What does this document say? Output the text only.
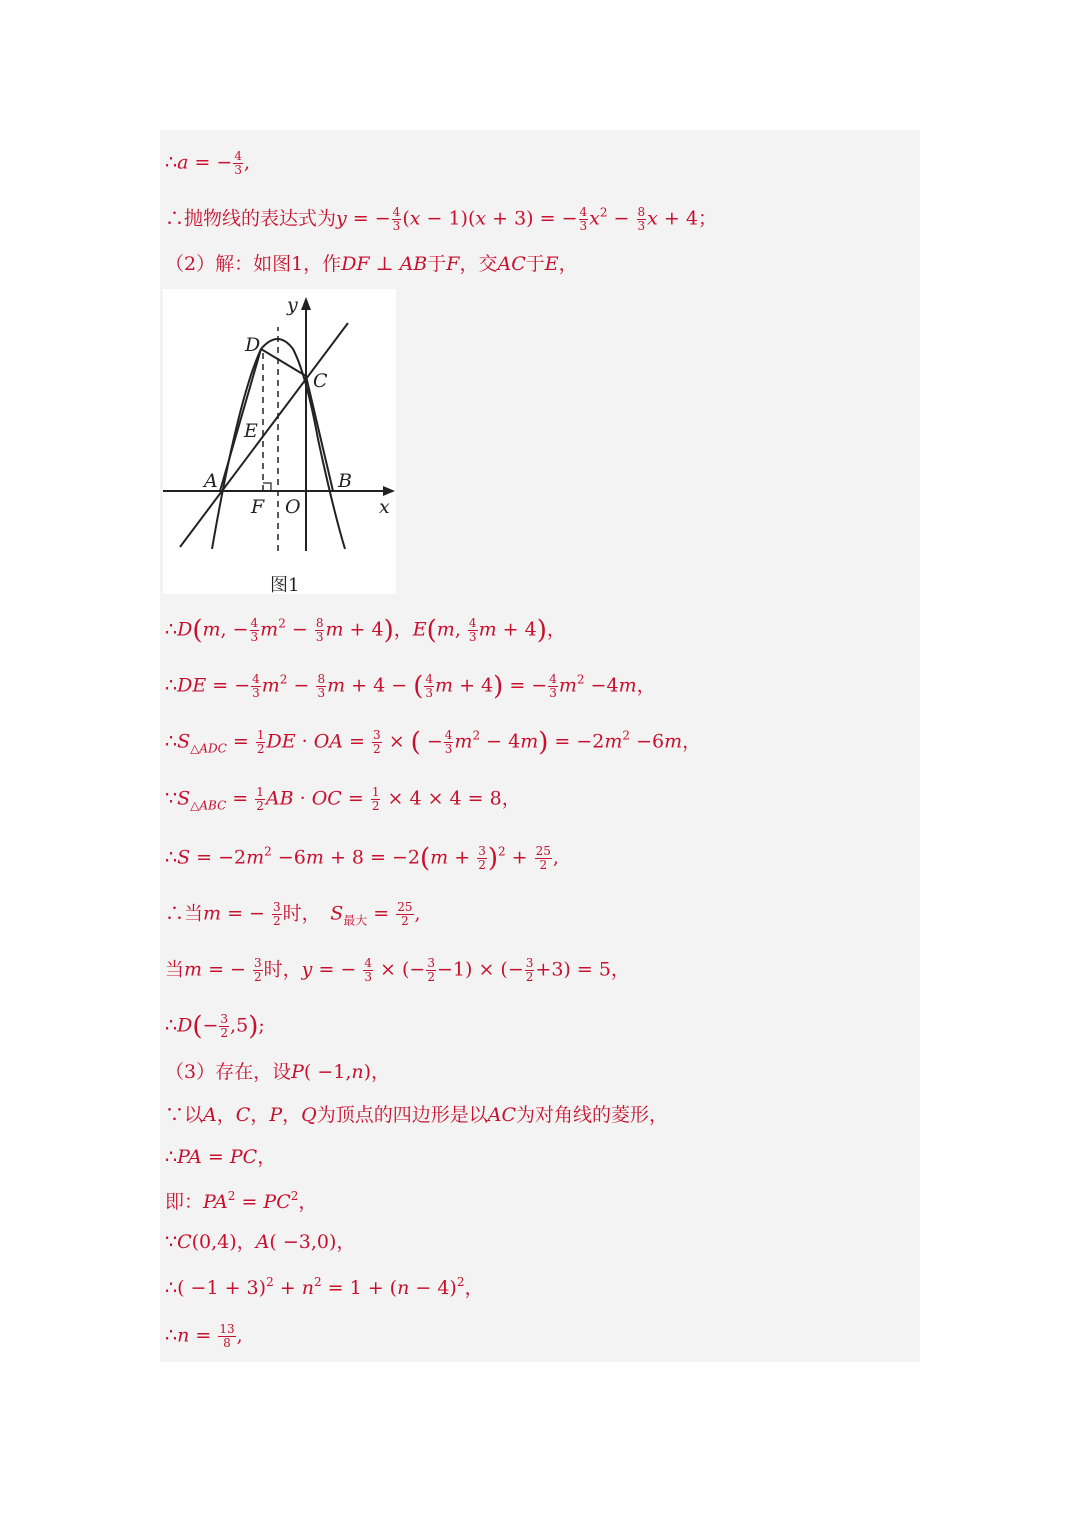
∴a = − $\frac{4}{3}$ ,
∴抛物线的表达式为y = − $\frac{4}{3} (x - 1)(x + 3)$ = − $\frac{4}{3} x^2 - \frac{8}{3}$ x + 4；
（2）解：如图1，作DF ⊥ AB于F，交AC于E，
y
x
D
C
E
A	B
F O
图1
∴D(m, − $\frac{4}{3} m^2 - \frac{8}{3}$ m + 4)，E(m, $\frac{4}{3}$ m + 4)，
∴DE = − $\frac{4}{3} m^2 - \frac{8}{3}$ m + 4 − ( $\frac{4}{3}$ m + 4) = − $\frac{4}{3} m^2 -4m$，
$\therefore S_{\triangle ADC} = \frac{1}{2}$ DE · OA = $\frac{3}{2}$ × ( − $\frac{4}{3} m^2 - 4m) = -2m^2 -6m$，
$\because S_{\triangle ABC} = \frac{1}{2}$ AB · OC = $\frac{1}{2} \times 4 \times 4 = 8$，
∴S = $-2m^2 -6m + 8 = -2(m + \frac{3}{2} )^2 + \frac{25}{2}$ ,
∴当m = − $\frac{3}{2}$ 时，　 $S_{最大} = \frac{25}{2}$ ,
当m = − $\frac{3}{2}$ 时，y = − $\frac{4}{3}$ × (− $\frac{3}{2} -1$) × (− $\frac{3}{2} +3) = 5$，
∴D(− $\frac{3}{2} ,5$);
（3）存在，设P( −1,n)，
∵以A，C，P，Q为顶点的四边形是以AC为对角线的菱形，
∴PA = PC，
即：$PA^2 = PC^2$，
∵C(0,4)，A( −3,0)，
∴( $-1 + 3)^2 + n^2 = 1 + (n - 4)^2$，
∴n = $\frac{13}{8}$ ,
